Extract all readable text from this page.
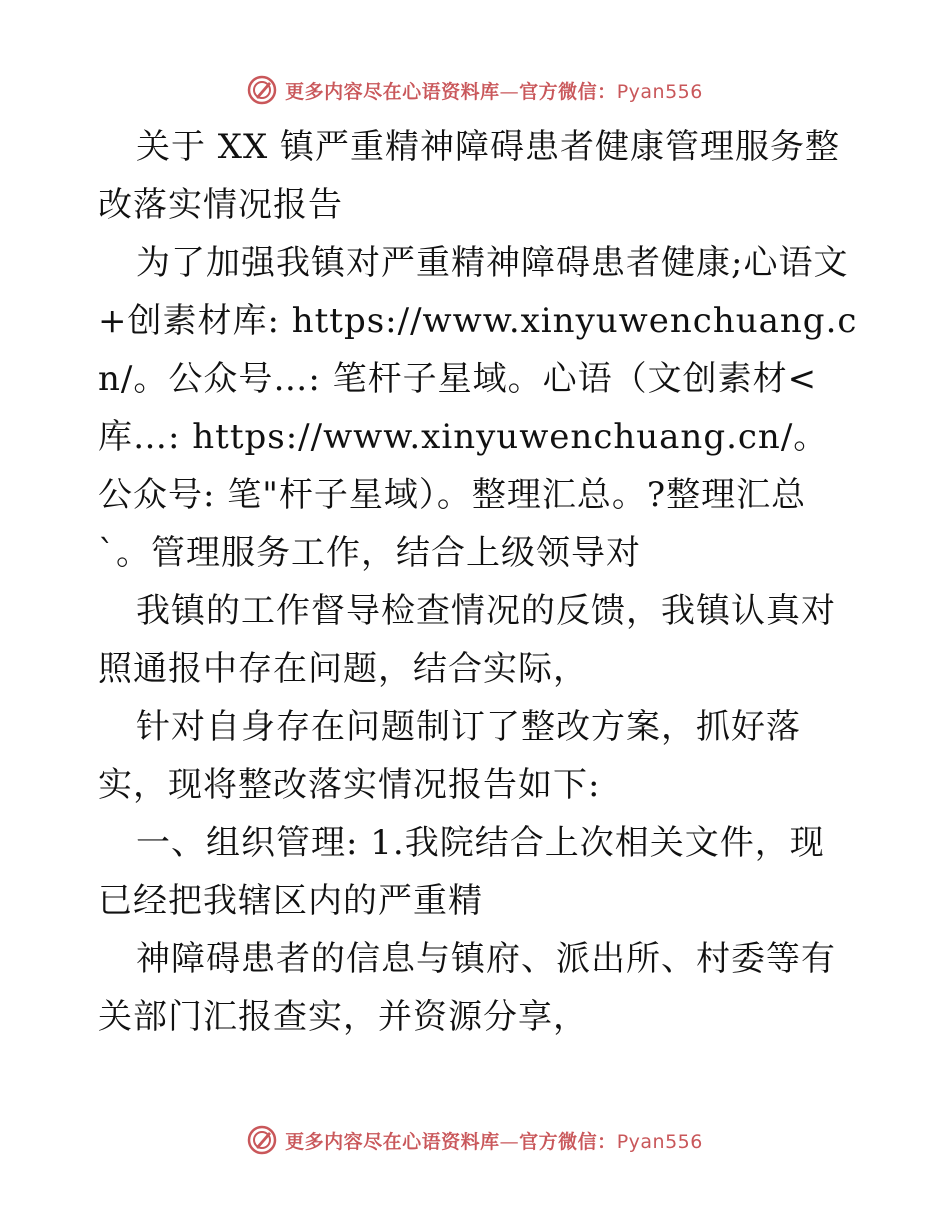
更多内容尽在心语资料库—官方微信：Pyan556

关于 XX 镇严重精神障碍患者健康管理服务整改落实情况报告

为了加强我镇对严重精神障碍患者健康;心语文+创素材库: https://www.xinyuwenchuang.cn/。公众号…: 笔杆子星域。心语（文创素材<库…: https://www.xinyuwenchuang.cn/。公众号: 笔"杆子星域）。整理汇总。?整理汇总`。管理服务工作，结合上级领导对

我镇的工作督导检查情况的反馈，我镇认真对照通报中存在问题，结合实际，

针对自身存在问题制订了整改方案，抓好落实，现将整改落实情况报告如下:

一、组织管理: 1.我院结合上次相关文件，现已经把我辖区内的严重精

神障碍患者的信息与镇府、派出所、村委等有关部门汇报查实，并资源分享，

更多内容尽在心语资料库—官方微信：Pyan556
